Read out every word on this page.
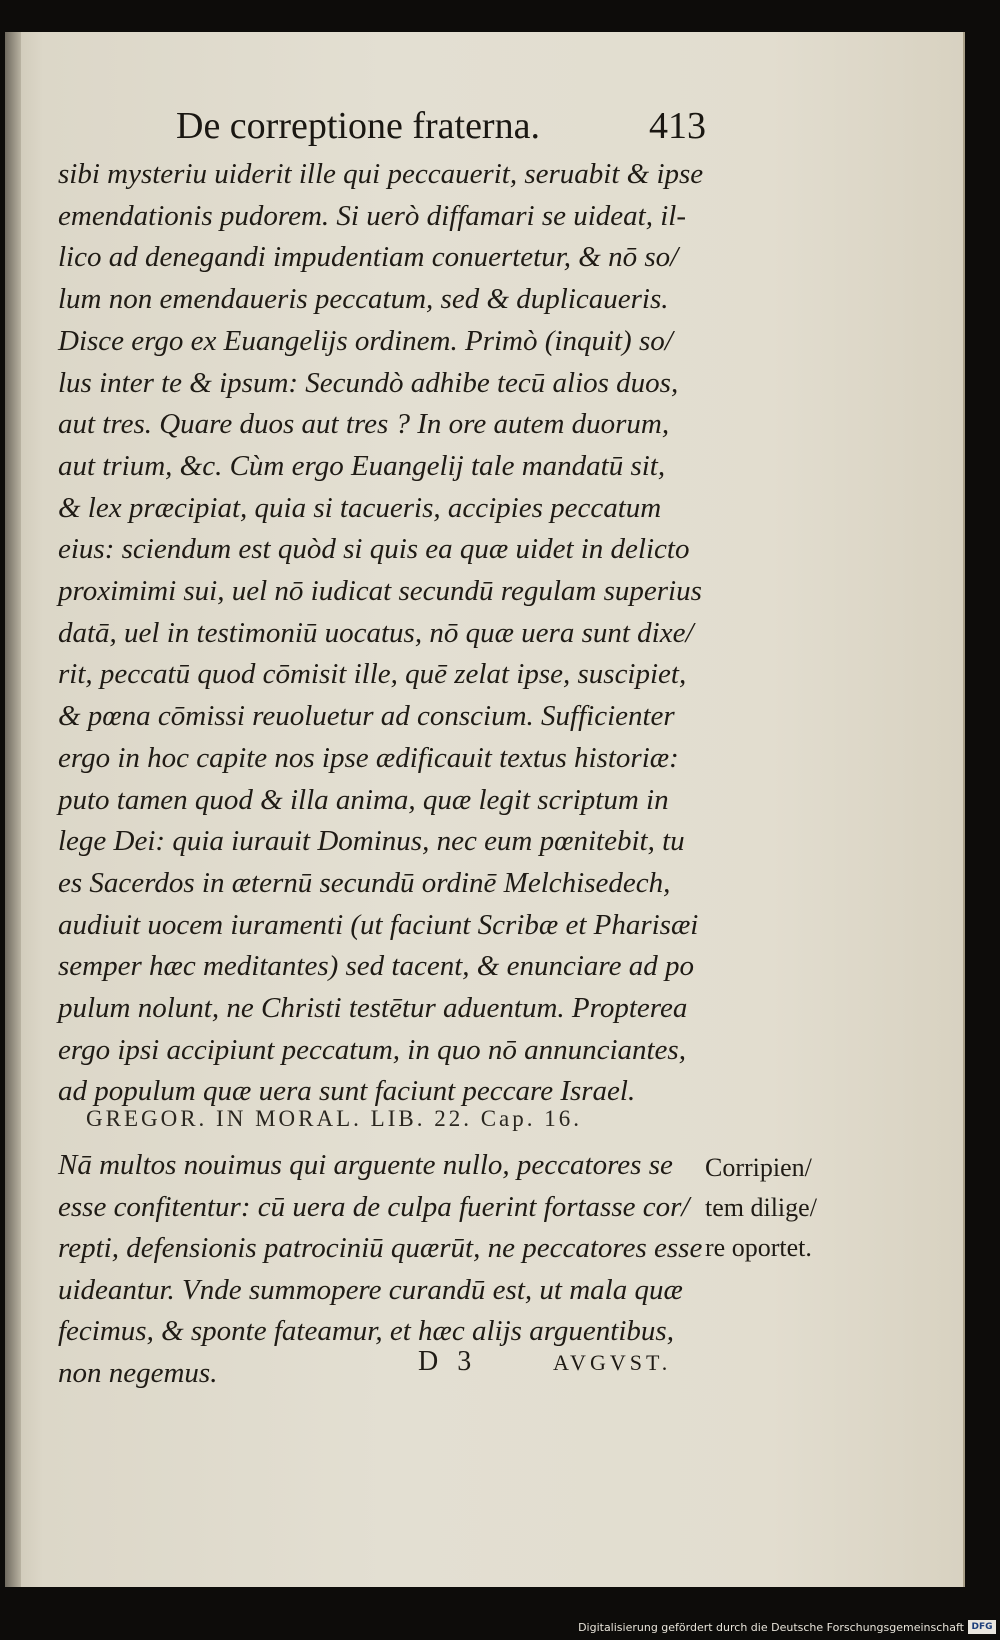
De correptione fraterna.	413
sibi mysteriu uiderit ille qui peccauerit, seruabit & ipse
emendationis pudorem. Si uerò diffamari se uideat, il-
lico ad denegandi impudentiam conuertetur, & nō so/
lum non emendaueris peccatum, sed & duplicaueris.
Disce ergo ex Euangelijs ordinem. Primò (inquit) so/
lus inter te & ipsum: Secundò adhibe tecū alios duos,
aut tres. Quare duos aut tres ? In ore autem duorum,
aut trium, &c. Cùm ergo Euangelij tale mandatū sit,
& lex præcipiat, quia si tacueris, accipies peccatum
eius: sciendum est quòd si quis ea quæ uidet in delicto
proximimi sui, uel nō iudicat secundū regulam superius
datā, uel in testimoniū uocatus, nō quæ uera sunt dixe/
rit, peccatū quod cōmisit ille, quē zelat ipse, suscipiet,
& pœna cōmissi reuoluetur ad conscium. Sufficienter
ergo in hoc capite nos ipse ædificauit textus historiæ:
puto tamen quod & illa anima, quæ legit scriptum in
lege Dei: quia iurauit Dominus, nec eum pœnitebit, tu
es Sacerdos in æternū secundū ordinē Melchisedech,
audiuit uocem iuramenti (ut faciunt Scribæ et Pharisæi
semper hæc meditantes) sed tacent, & enunciare ad po
pulum nolunt, ne Christi testētur aduentum. Propterea
ergo ipsi accipiunt peccatum, in quo nō annunciantes,
ad populum quæ uera sunt faciunt peccare Israel.
GREGOR. IN MORAL. LIB. 22. Cap. 16.
Nā multos nouimus qui arguente nullo, peccatores se
esse confitentur: cū uera de culpa fuerint fortasse cor/
repti, defensionis patrociniū quærūt, ne peccatores esse
uideantur. Vnde summopere curandū est, ut mala quæ
fecimus, & sponte fateamur, et hæc alijs arguentibus,
non negemus.
Corripien/
tem dilige/
re oportet.
D 3	AVGVST.
Digitalisierung gefördert durch die Deutsche Forschungsgemeinschaft DFG
